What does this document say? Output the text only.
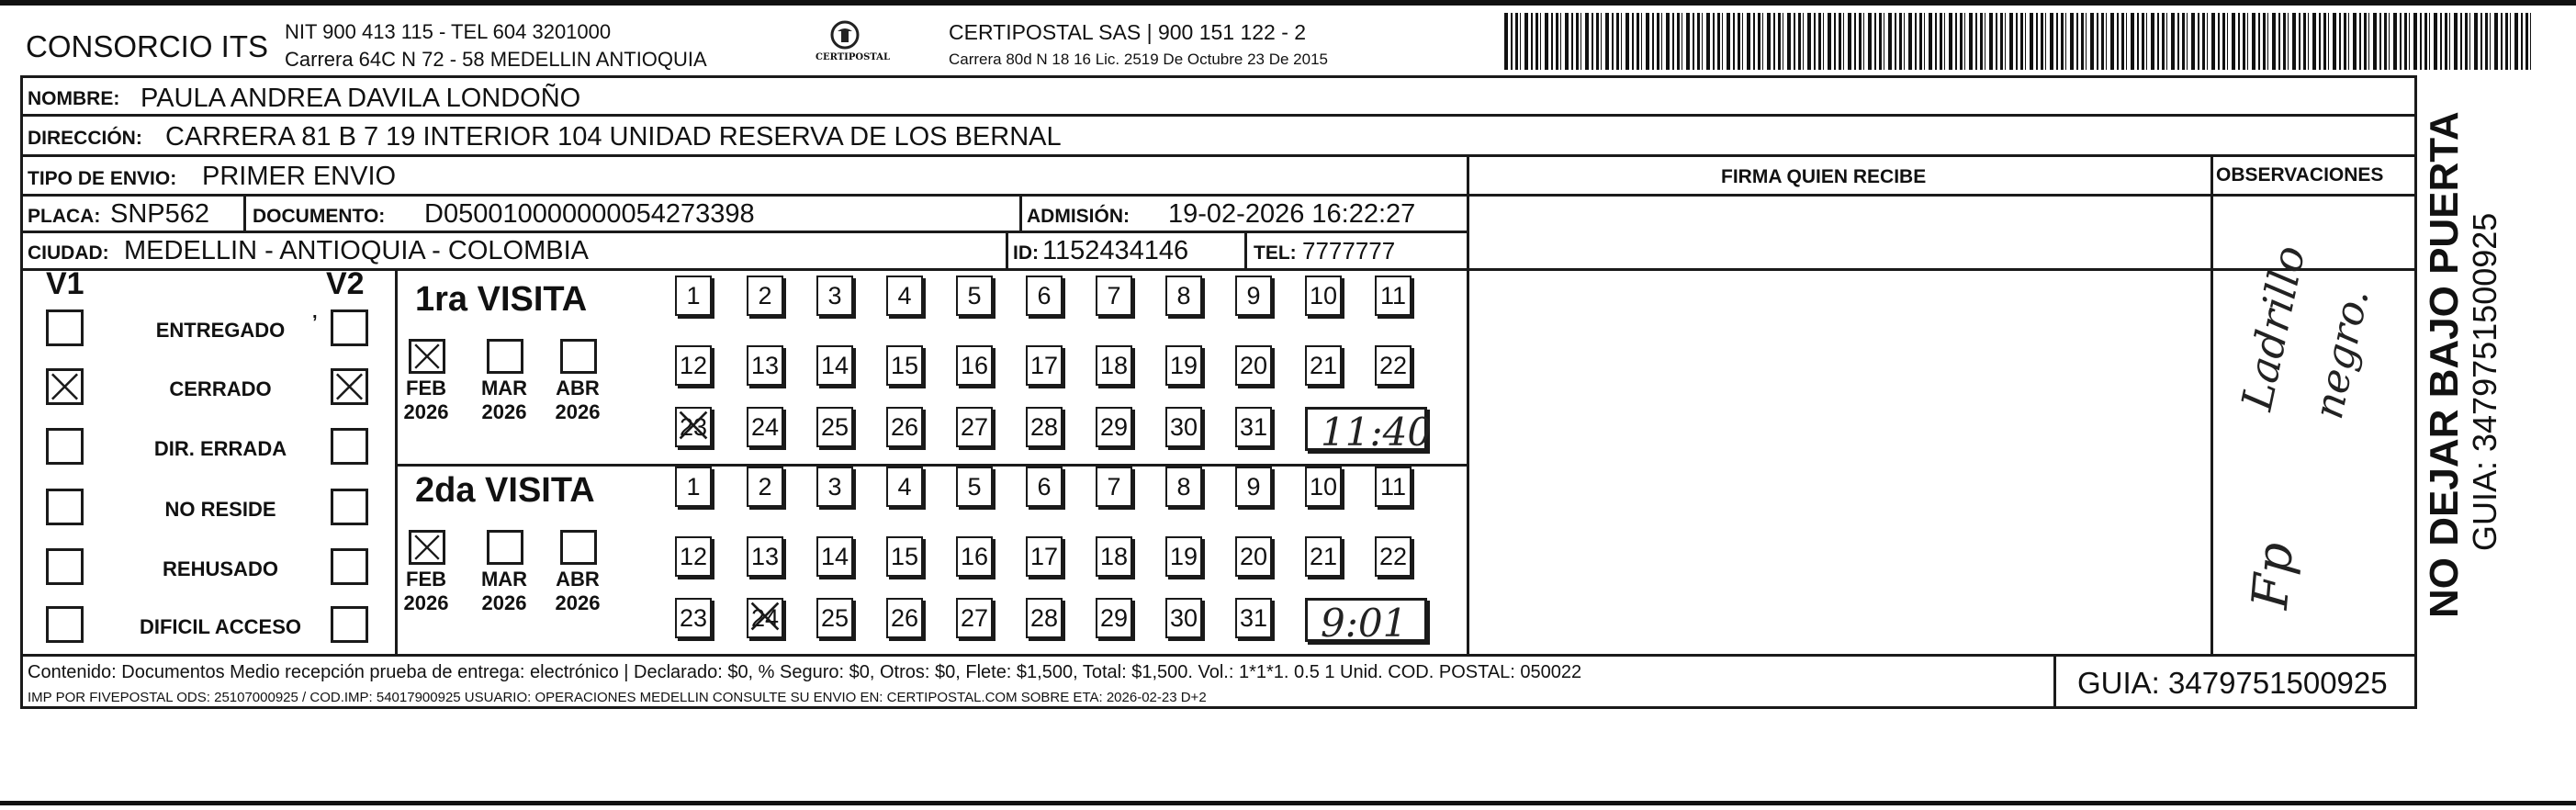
CONSORCIO ITS NIT 900 413 115 - TEL 604 3201000
Carrera 64C N 72 - 58 MEDELLIN ANTIOQUIA	CERTIPOSTAL
CERTIPOSTAL SAS | 900 151 122 - 2
Carrera 80d N 18 16 Lic. 2519 De Octubre 23 De 2015
NOMBRE: PAULA ANDREA DAVILA LONDOÑO
DIRECCIÓN: CARRERA 81 B 7 19 INTERIOR 104 UNIDAD RESERVA DE LOS BERNAL
TIPO DE ENVIO: PRIMER ENVIO	FIRMA QUIEN RECIBE	OBSERVACIONES
PLACA: SNP562 DOCUMENTO: D050010000000054273398	ADMISIÓN: 19-02-2026 16:22:27
CIUDAD: MEDELLIN - ANTIOQUIA - COLOMBIA	ID: 1152434146	TEL: 7777777
V1	V2
,	1ra VISITA
2da VISITA
ENTREGADO
CERRADO
DIR. ERRADA
NO RESIDE
REHUSADO
DIFICIL ACCESO
FEB
2026
MAR
2026
ABR
2026
1	2	3	4	5	6	7	8	9	10 11
12 13 14 15 16 17 18 19 20 21 22
23 24 25 26 27 28 29 30 31 11:40
FEB
2026
MAR
2026
ABR
2026
1	2	3	4	5	6	7	8	9	10 11
12 13 14 15 16 17 18 19 20 21 22
23 24 25 26 27 28 29 30 31 9:01
Ladrillo
negro.
Fp	NO DEJAR BAJO PUERTA GUIA: 3479751500925
Contenido: Documentos Medio recepción prueba de entrega: electrónico | Declarado: $0, % Seguro: $0, Otros: $0, Flete: $1,500, Total: $1,500. Vol.: 1*1*1. 0.5 1 Unid. COD. POSTAL: 050022
IMP POR FIVEPOSTAL ODS: 25107000925 / COD.IMP: 54017900925 USUARIO: OPERACIONES MEDELLIN CONSULTE SU ENVIO EN: CERTIPOSTAL.COM SOBRE ETA: 2026-02-23 D+2	GUIA: 3479751500925
